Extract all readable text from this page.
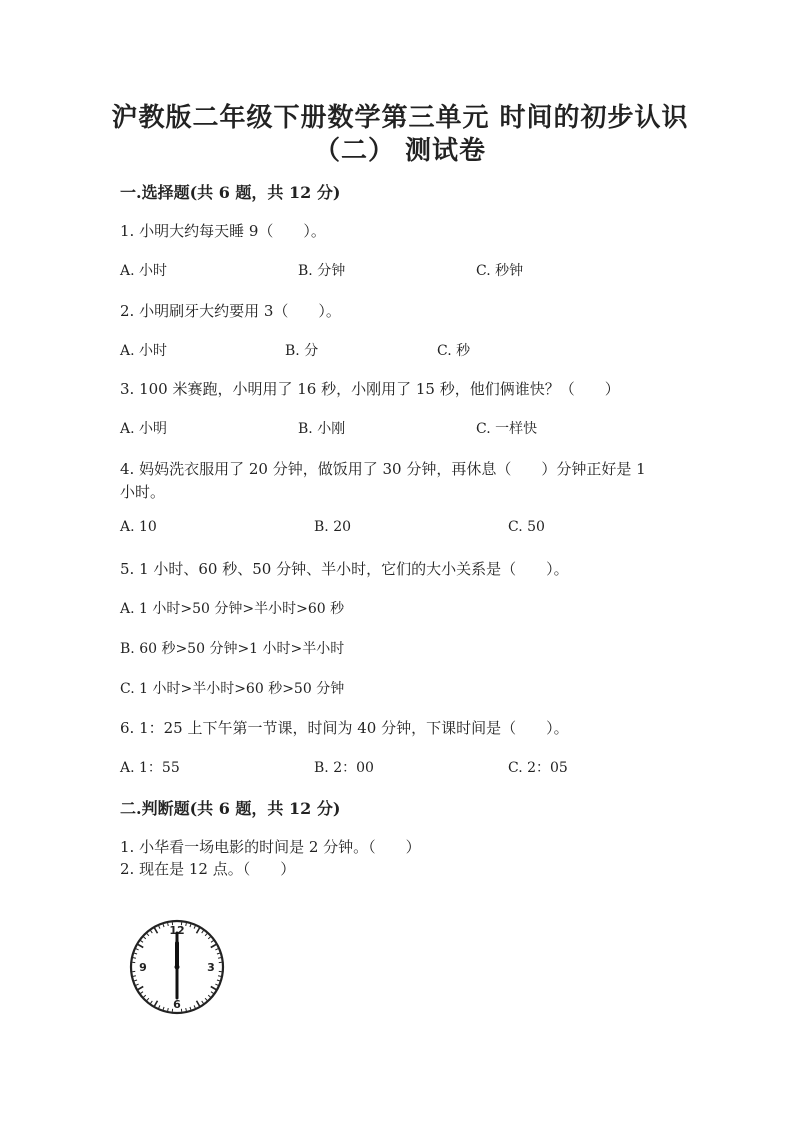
沪教版二年级下册数学第三单元 时间的初步认识
（二） 测试卷
一.选择题(共 6 题，共 12 分)
1. 小明大约每天睡 9（　　）。
A. 小时	B. 分钟	C. 秒钟
2. 小明刷牙大约要用 3（　　）。
A. 小时	B. 分	C. 秒
3. 100 米赛跑，小明用了 16 秒，小刚用了 15 秒，他们俩谁快？（　　）
A. 小明	B. 小刚	C. 一样快
4. 妈妈洗衣服用了 20 分钟，做饭用了 30 分钟，再休息（　　）分钟正好是 1
小时。
A. 10	B. 20	C. 50
5. 1 小时、60 秒、50 分钟、半小时，它们的大小关系是（　　）。
A. 1 小时>50 分钟>半小时>60 秒
B. 60 秒>50 分钟>1 小时>半小时
C. 1 小时>半小时>60 秒>50 分钟
6. 1：25 上下午第一节课，时间为 40 分钟，下课时间是（　　）。
A. 1：55	B. 2：00	C. 2：05
二.判断题(共 6 题，共 12 分)
1. 小华看一场电影的时间是 2 分钟。（　　）
2. 现在是 12 点。（　　）
12
3
6
9
